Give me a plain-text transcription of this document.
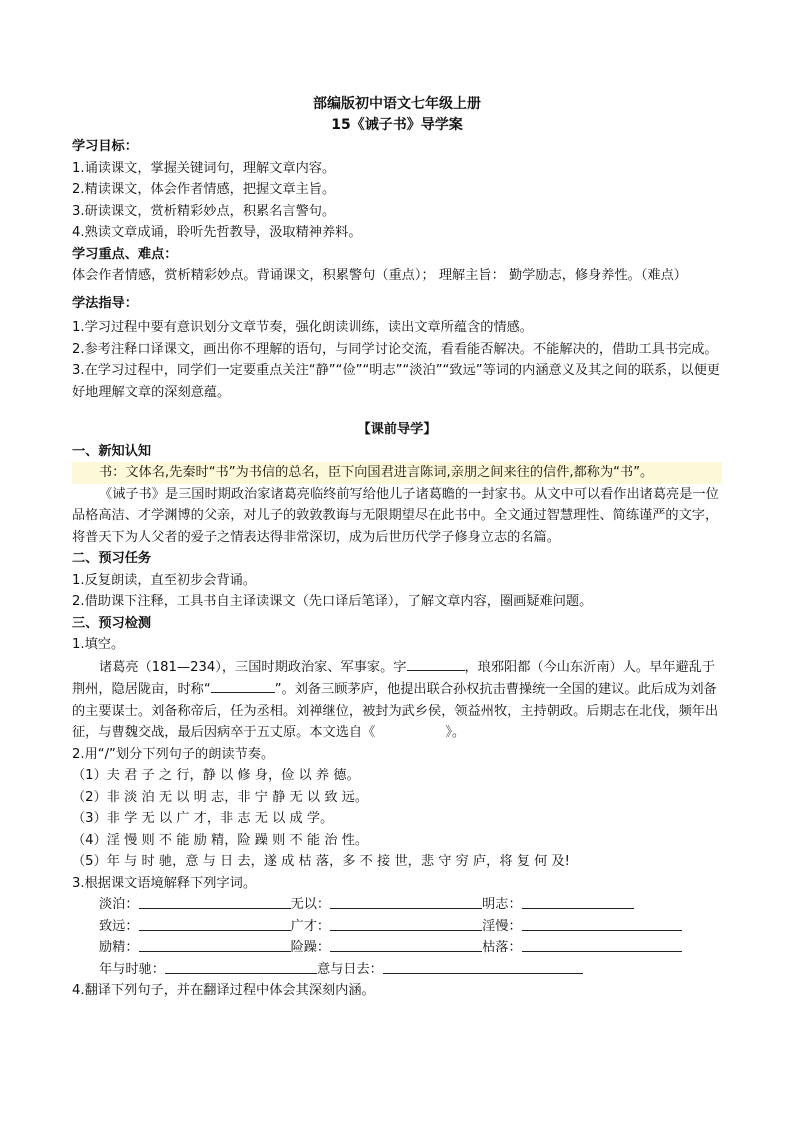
部编版初中语文七年级上册
15《诫子书》导学案

学习目标：

1.诵读课文，掌握关键词句，理解文章内容。

2.精读课文，体会作者情感，把握文章主旨。

3.研读课文，赏析精彩妙点，积累名言警句。

4.熟读文章成诵，聆听先哲教导，汲取精神养料。

学习重点、难点：

体会作者情感，赏析精彩妙点。背诵课文，积累警句（重点）； 理解主旨： 勤学励志，修身养性。（难点）

学法指导：

1.学习过程中要有意识划分文章节奏，强化朗读训练，读出文章所蕴含的情感。

2.参考注释口译课文，画出你不理解的语句，与同学讨论交流，看看能否解决。不能解决的，借助工具书完成。

3.在学习过程中，同学们一定要重点关注“静”“俭”“明志”“淡泊”“致远”等词的内涵意义及其之间的联系，以便更好地理解文章的深刻意蕴。

【课前导学】

一、新知认知

书：文体名,先秦时“书”为书信的总名，臣下向国君进言陈词,亲朋之间来往的信件,都称为“书”。

《诫子书》是三国时期政治家诸葛亮临终前写给他儿子诸葛瞻的一封家书。从文中可以看作出诸葛亮是一位品格高洁、才学渊博的父亲，对儿子的敦敦教诲与无限期望尽在此书中。全文通过智慧理性、简练谨严的文字，将普天下为人父者的爱子之情表达得非常深切，成为后世历代学子修身立志的名篇。

二、预习任务

1.反复朗读，直至初步会背诵。

2.借助课下注释，工具书自主译读课文（先口译后笔译），了解文章内容，圈画疑难问题。

三、预习检测

1.填空。

诸葛亮（181—234），三国时期政治家、军事家。字	，琅邪阳都（今山东沂南）人。早年避乱于荆州，隐居陇亩，时称“	”。刘备三顾茅庐，他提出联合孙权抗击曹操统一全国的建议。此后成为刘备的主要谋士。刘备称帝后，任为丞相。刘禅继位，被封为武乡侯，领益州牧，主持朝政。后期志在北伐，频年出征，与曹魏交战，最后因病卒于五丈原。本文选自《	》。

2.用“/”划分下列句子的朗读节奏。

（1）夫 君 子 之 行，静 以 修 身，俭 以 养 德。

（2）非 淡 泊 无 以 明 志，非 宁 静 无 以 致 远。

（3）非 学 无 以 广 才，非 志 无 以 成 学。

（4）淫 慢 则 不 能 励 精，险 躁 则 不 能 治 性。

（5）年 与 时 驰，意 与 日 去，遂 成 枯 落，多 不 接 世，悲 守 穷 庐，将 复 何 及!

3.根据课文语境解释下列字词。

淡泊：	无以：	明志：
致远：	广才：	淫慢：
励精：	险躁：	枯落：
年与时驰：	意与日去：

4.翻译下列句子，并在翻译过程中体会其深刻内涵。
